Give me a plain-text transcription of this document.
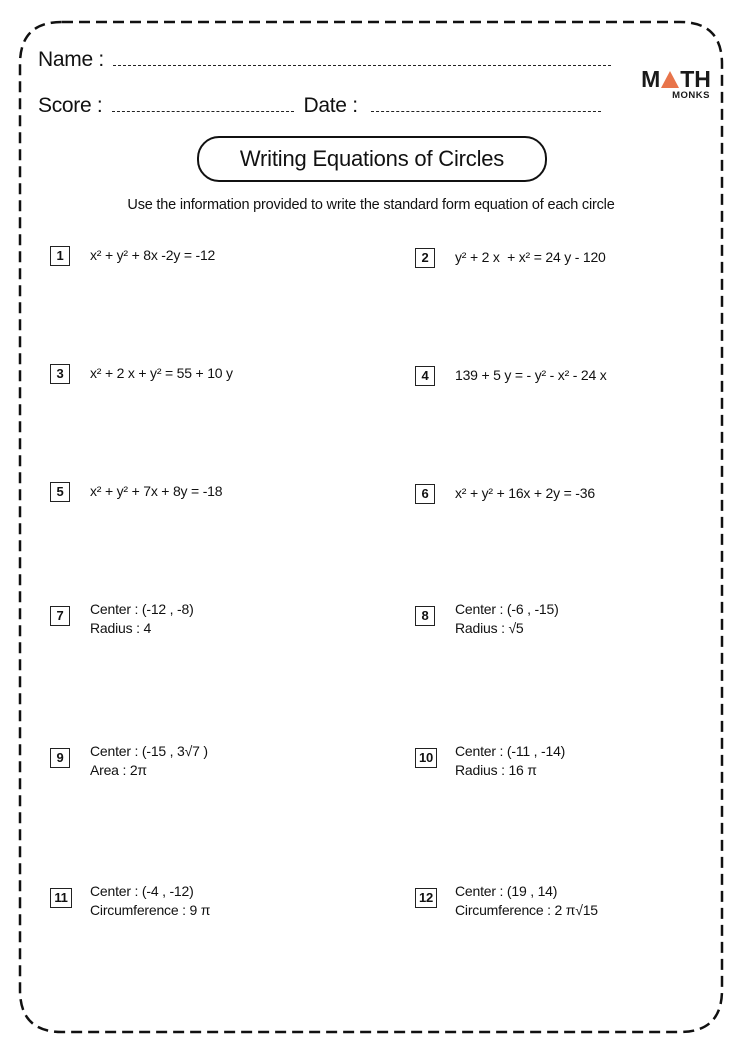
Name :
Score :	Date :
M TH
MONKS
Writing Equations of Circles
Use the information provided to write the standard form equation of each circle
1	x² + y² + 8x -2y = -12	2	y² + 2 x  + x² = 24 y - 120
3	x² + 2 x + y² = 55 + 10 y	4	139 + 5 y = - y² - x² - 24 x
5	x² + y² + 7x + 8y = -18	6	x² + y² + 16x + 2y = -36
7	Center : (-12 , -8)
Radius : 4
8	Center : (-6 , -15)
Radius : √5
9	Center : (-15 , 3√7 )
Area : 2π
10 Center : (-11 , -14)
Radius : 16 π
11	Center : (-4 , -12)
Circumference : 9 π
12 Center : (19 , 14)
Circumference : 2 π√15
